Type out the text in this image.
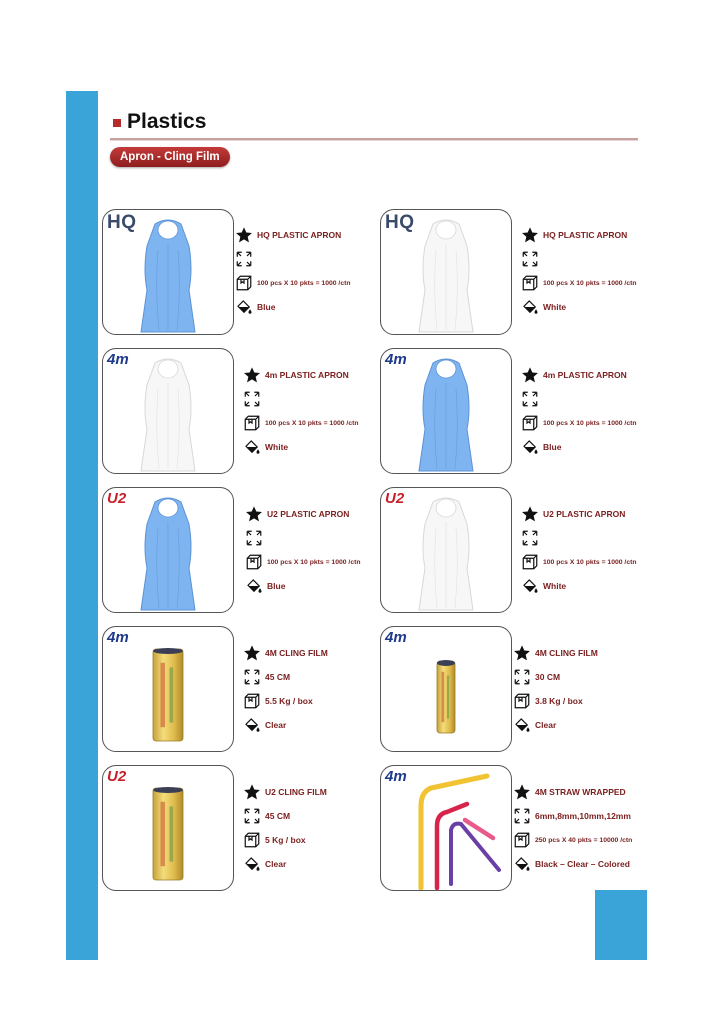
Plastics
Apron - Cling Film
HQ
HQ PLASTIC APRON
100 pcs X 10 pkts = 1000 /ctn
Blue
HQ
HQ PLASTIC APRON
100 pcs X 10 pkts = 1000 /ctn
White
4m
4m PLASTIC APRON
100 pcs X 10 pkts = 1000 /ctn
White
4m
4m PLASTIC APRON
100 pcs X 10 pkts = 1000 /ctn
Blue
U2
U2 PLASTIC APRON
100 pcs X 10 pkts = 1000 /ctn
Blue
U2
U2 PLASTIC APRON
100 pcs X 10 pkts = 1000 /ctn
White
4m
4M CLING FILM
45 CM
5.5 Kg / box
Clear
4m
4M CLING FILM
30 CM
3.8 Kg / box
Clear
U2
U2 CLING FILM
45 CM
5 Kg / box
Clear
4m
4M STRAW WRAPPED
6mm,8mm,10mm,12mm
250 pcs X 40 pkts = 10000 /ctn
Black – Clear – Colored
